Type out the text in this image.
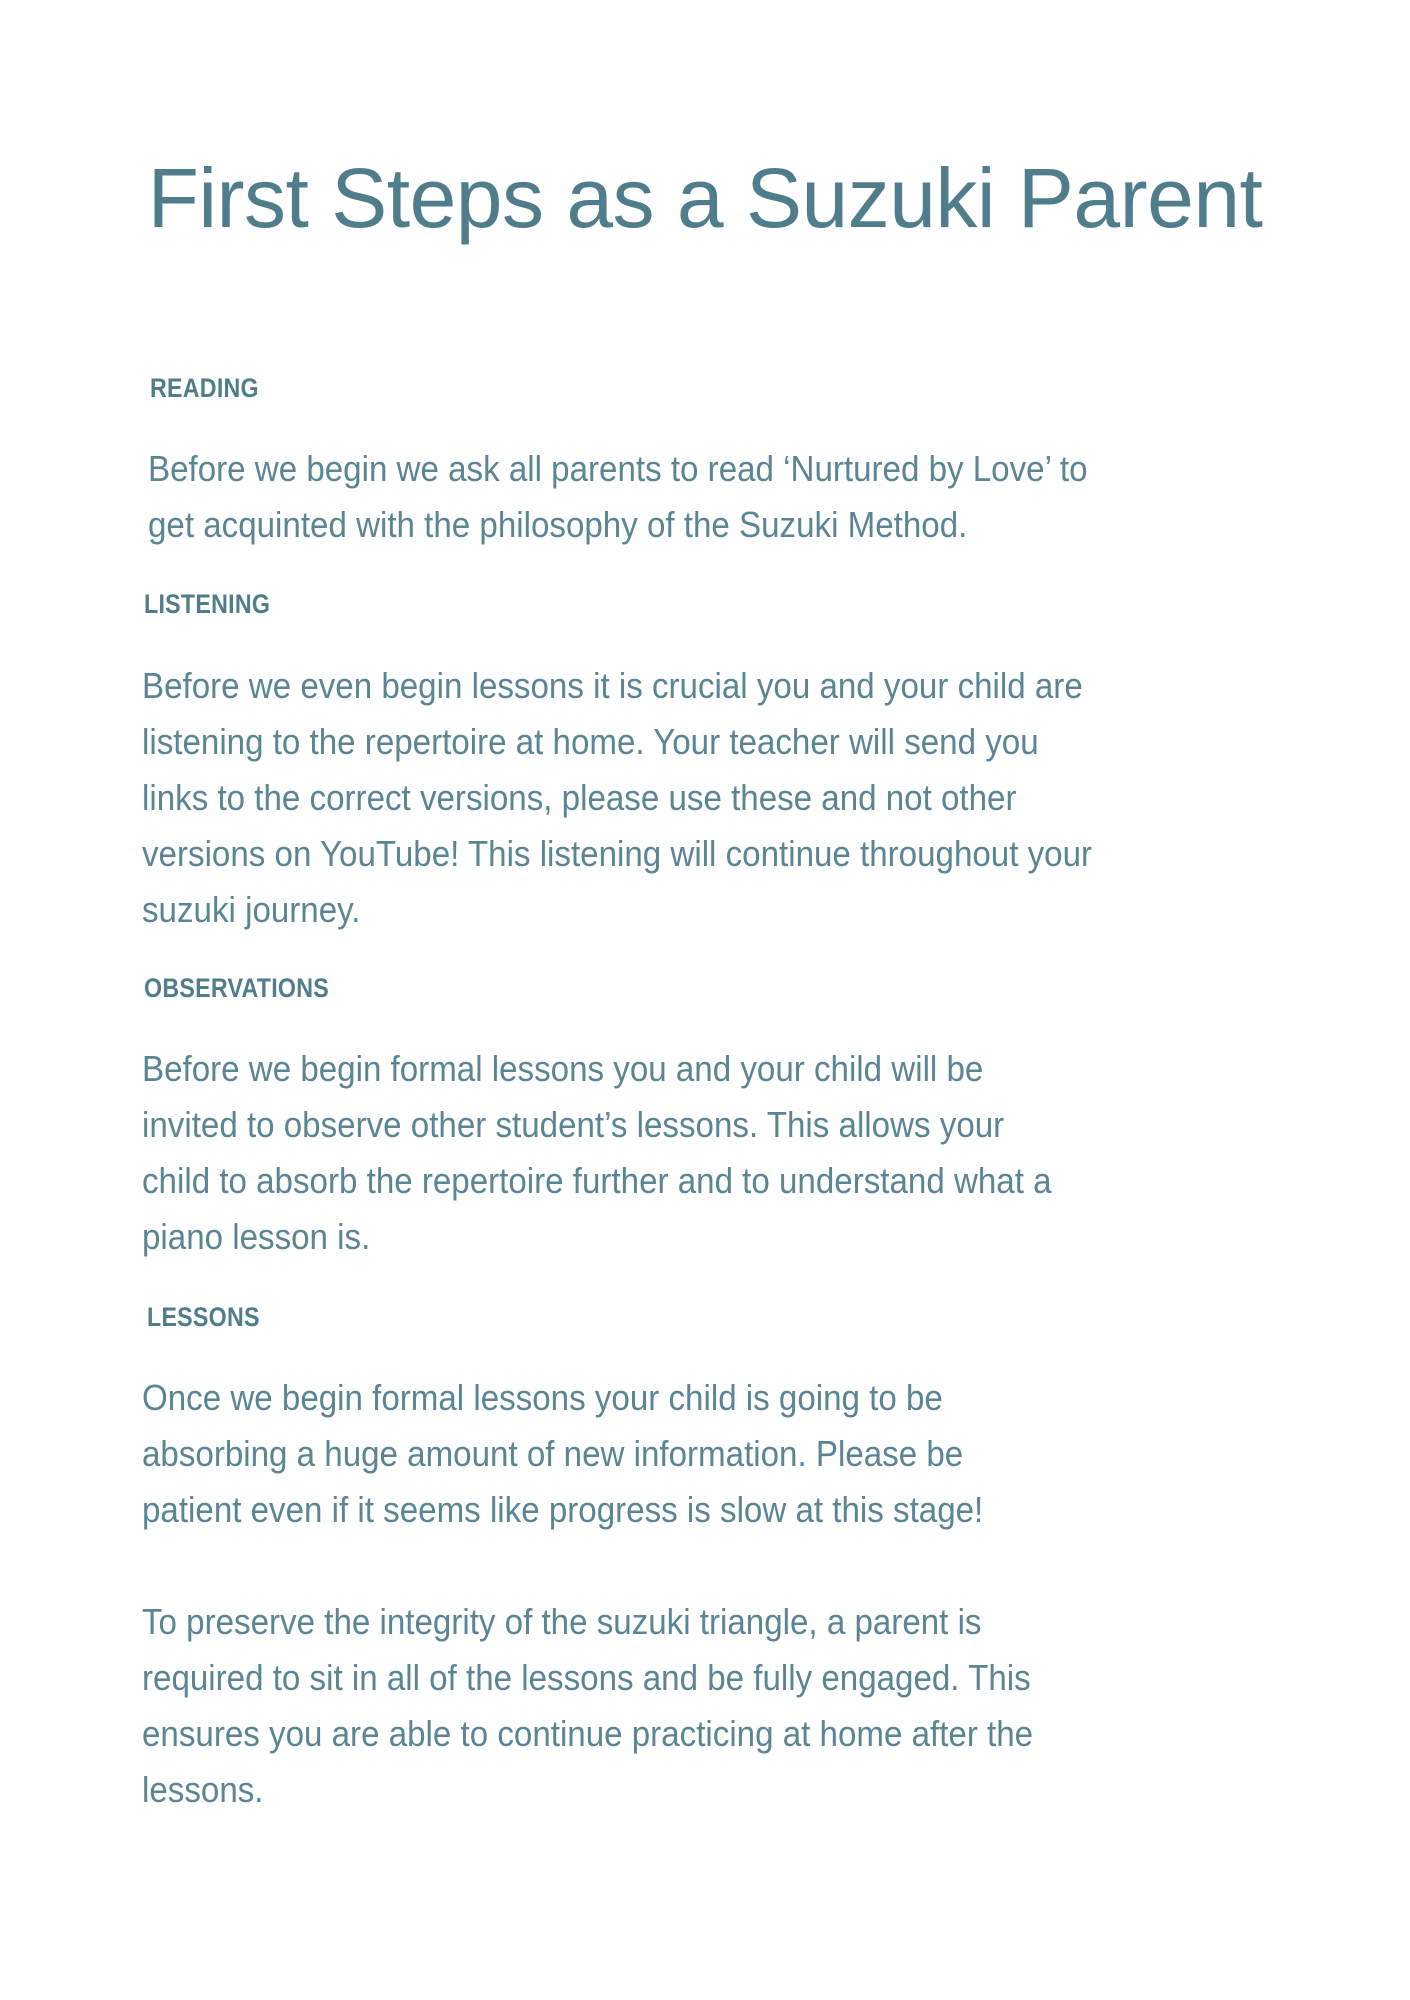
First Steps as a Suzuki Parent
READING

Before we begin we ask all parents to read ‘Nurtured by Love’ to
get acquinted with the philosophy of the Suzuki Method.

LISTENING

Before we even begin lessons it is crucial you and your child are
listening to the repertoire at home. Your teacher will send you
links to the correct versions, please use these and not other
versions on YouTube! This listening will continue throughout your
suzuki journey.

OBSERVATIONS

Before we begin formal lessons you and your child will be
invited to observe other student’s lessons. This allows your
child to absorb the repertoire further and to understand what a
piano lesson is.

LESSONS

Once we begin formal lessons your child is going to be
absorbing a huge amount of new information. Please be
patient even if it seems like progress is slow at this stage!

To preserve the integrity of the suzuki triangle, a parent is
required to sit in all of the lessons and be fully engaged. This
ensures you are able to continue practicing at home after the
lessons.
